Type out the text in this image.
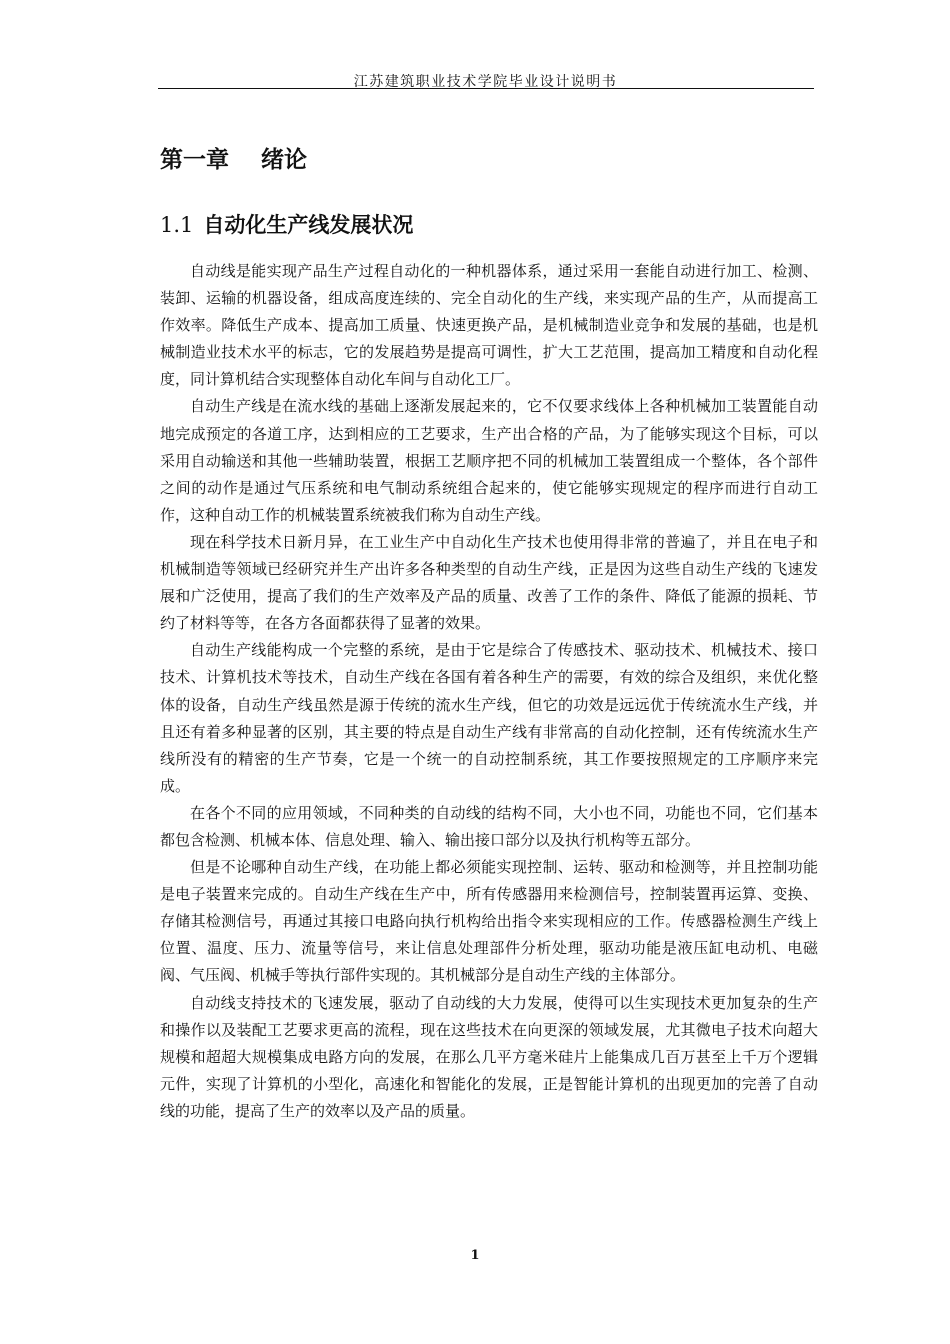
江苏建筑职业技术学院毕业设计说明书
第一章    绪论
1.1 自动化生产线发展状况

自动线是能实现产品生产过程自动化的一种机器体系，通过采用一套能自动进行加工、检测、装卸、运输的机器设备，组成高度连续的、完全自动化的生产线，来实现产品的生产，从而提高工作效率。降低生产成本、提高加工质量、快速更换产品，是机械制造业竞争和发展的基础，也是机械制造业技术水平的标志，它的发展趋势是提高可调性，扩大工艺范围，提高加工精度和自动化程度，同计算机结合实现整体自动化车间与自动化工厂。

自动生产线是在流水线的基础上逐渐发展起来的，它不仅要求线体上各种机械加工装置能自动地完成预定的各道工序，达到相应的工艺要求，生产出合格的产品，为了能够实现这个目标，可以采用自动输送和其他一些辅助装置，根据工艺顺序把不同的机械加工装置组成一个整体，各个部件之间的动作是通过气压系统和电气制动系统组合起来的，使它能够实现规定的程序而进行自动工作，这种自动工作的机械装置系统被我们称为自动生产线。

现在科学技术日新月异，在工业生产中自动化生产技术也使用得非常的普遍了，并且在电子和机械制造等领域已经研究并生产出许多各种类型的自动生产线，正是因为这些自动生产线的飞速发展和广泛使用，提高了我们的生产效率及产品的质量、改善了工作的条件、降低了能源的损耗、节约了材料等等，在各方各面都获得了显著的效果。

自动生产线能构成一个完整的系统，是由于它是综合了传感技术、驱动技术、机械技术、接口技术、计算机技术等技术，自动生产线在各国有着各种生产的需要，有效的综合及组织，来优化整体的设备，自动生产线虽然是源于传统的流水生产线，但它的功效是远远优于传统流水生产线，并且还有着多种显著的区别，其主要的特点是自动生产线有非常高的自动化控制，还有传统流水生产线所没有的精密的生产节奏，它是一个统一的自动控制系统，其工作要按照规定的工序顺序来完成。

在各个不同的应用领域，不同种类的自动线的结构不同，大小也不同，功能也不同，它们基本都包含检测、机械本体、信息处理、输入、输出接口部分以及执行机构等五部分。

但是不论哪种自动生产线，在功能上都必须能实现控制、运转、驱动和检测等，并且控制功能是电子装置来完成的。自动生产线在生产中，所有传感器用来检测信号，控制装置再运算、变换、存储其检测信号，再通过其接口电路向执行机构给出指令来实现相应的工作。传感器检测生产线上位置、温度、压力、流量等信号，来让信息处理部件分析处理，驱动功能是液压缸电动机、电磁阀、气压阀、机械手等执行部件实现的。其机械部分是自动生产线的主体部分。

自动线支持技术的飞速发展，驱动了自动线的大力发展，使得可以生实现技术更加复杂的生产和操作以及装配工艺要求更高的流程，现在这些技术在向更深的领域发展，尤其微电子技术向超大规模和超超大规模集成电路方向的发展，在那么几平方毫米硅片上能集成几百万甚至上千万个逻辑元件，实现了计算机的小型化，高速化和智能化的发展，正是智能计算机的出现更加的完善了自动线的功能，提高了生产的效率以及产品的质量。

1
